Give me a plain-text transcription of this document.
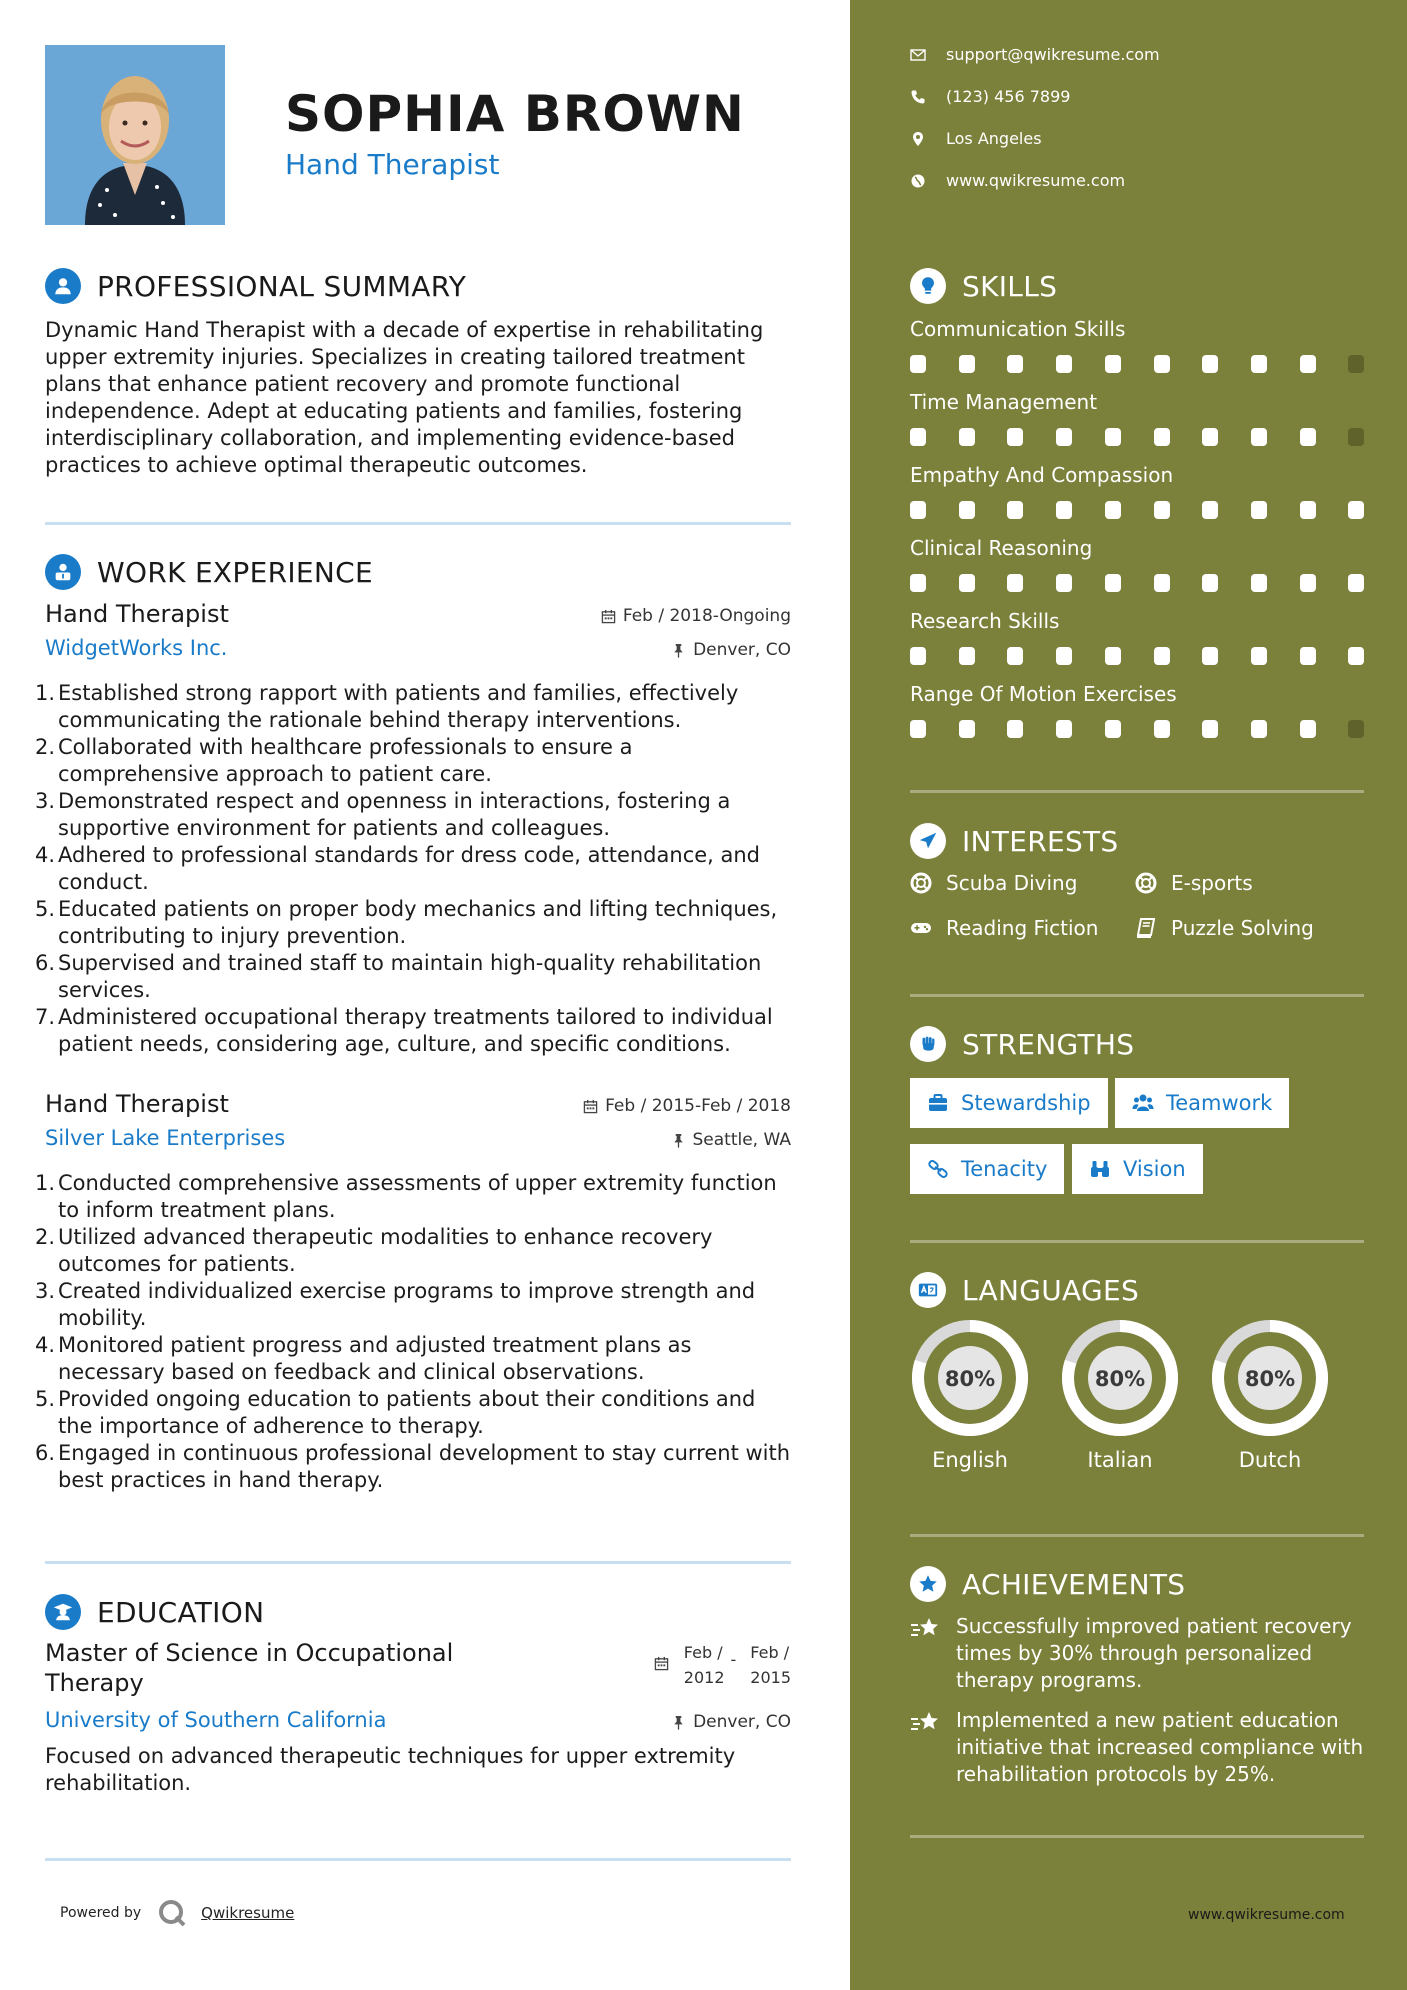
SOPHIA BROWN
Hand Therapist
PROFESSIONAL SUMMARY
Dynamic Hand Therapist with a decade of expertise in rehabilitating upper extremity injuries. Specializes in creating tailored treatment plans that enhance patient recovery and promote functional independence. Adept at educating patients and families, fostering interdisciplinary collaboration, and implementing evidence-based practices to achieve optimal therapeutic outcomes.
WORK EXPERIENCE
Hand Therapist	Feb / 2018-Ongoing
WidgetWorks Inc.	Denver, CO
1. Established strong rapport with patients and families, effectively communicating the rationale behind therapy interventions.
2. Collaborated with healthcare professionals to ensure a comprehensive approach to patient care.
3. Demonstrated respect and openness in interactions, fostering a supportive environment for patients and colleagues.
4. Adhered to professional standards for dress code, attendance, and conduct.
5. Educated patients on proper body mechanics and lifting techniques, contributing to injury prevention.
6. Supervised and trained staff to maintain high-quality rehabilitation services.
7. Administered occupational therapy treatments tailored to individual patient needs, considering age, culture, and specific conditions.
Hand Therapist	Feb / 2015-Feb / 2018
Silver Lake Enterprises	Seattle, WA
1. Conducted comprehensive assessments of upper extremity function to inform treatment plans.
2. Utilized advanced therapeutic modalities to enhance recovery outcomes for patients.
3. Created individualized exercise programs to improve strength and mobility.
4. Monitored patient progress and adjusted treatment plans as necessary based on feedback and clinical observations.
5. Provided ongoing education to patients about their conditions and the importance of adherence to therapy.
6. Engaged in continuous professional development to stay current with best practices in hand therapy.
EDUCATION
Master of Science in Occupational Therapy
Feb /
2012
- Feb /
2015
University of Southern California	Denver, CO
Focused on advanced therapeutic techniques for upper extremity rehabilitation.
Powered by	Qwikresume
support@qwikresume.com
(123) 456 7899
Los Angeles
www.qwikresume.com
SKILLS
Communication Skills
Time Management
Empathy And Compassion
Clinical Reasoning
Research Skills
Range Of Motion Exercises
INTERESTS
Scuba Diving	E-sports
Reading Fiction	Puzzle Solving
STRENGTHS
Stewardship	Teamwork
Tenacity	Vision
LANGUAGES
80%
English
80%
Italian
80%
Dutch
ACHIEVEMENTS
Successfully improved patient recovery times by 30% through personalized therapy programs.
Implemented a new patient education initiative that increased compliance with rehabilitation protocols by 25%.
www.qwikresume.com
